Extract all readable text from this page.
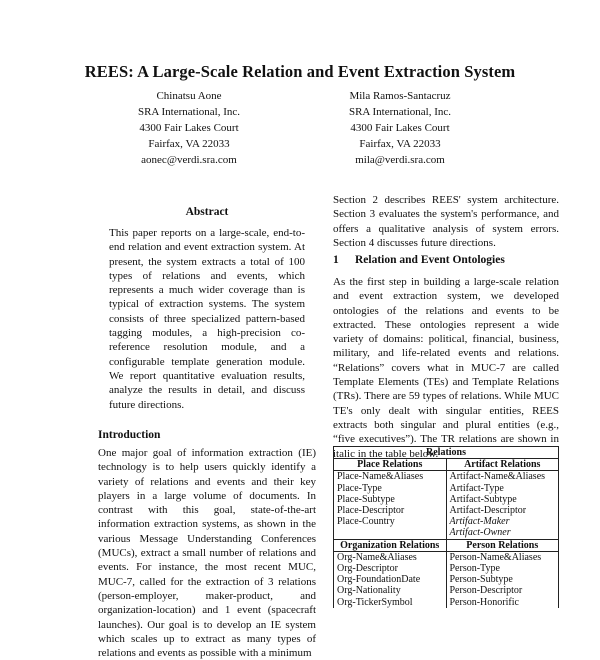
REES: A Large-Scale Relation and Event Extraction System
Chinatsu Aone
SRA International, Inc.
4300 Fair Lakes Court
Fairfax, VA 22033
aonec@verdi.sra.com
Mila Ramos-Santacruz
SRA International, Inc.
4300 Fair Lakes Court
Fairfax, VA 22033
mila@verdi.sra.com
Abstract
This paper reports on a large-scale, end-to-end relation and event extraction system. At present, the system extracts a total of 100 types of relations and events, which represents a much wider coverage than is typical of extraction systems. The system consists of three specialized pattern-based tagging modules, a high-precision co-reference resolution module, and a configurable template generation module. We report quantitative evaluation results, analyze the results in detail, and discuss future directions.
Introduction
One major goal of information extraction (IE) technology is to help users quickly identify a variety of relations and events and their key players in a large volume of documents. In contrast with this goal, state-of-the-art information extraction systems, as shown in the various Message Understanding Conferences (MUCs), extract a small number of relations and events. For instance, the most recent MUC, MUC-7, called for the extraction of 3 relations (person-employer, maker-product, and organization-location) and 1 event (spacecraft launches). Our goal is to develop an IE system which scales up to extract as many types of relations and events as possible with a minimum
Section 2 describes REES' system architecture. Section 3 evaluates the system's performance, and offers a qualitative analysis of system errors. Section 4 discusses future directions.
1 Relation and Event Ontologies
As the first step in building a large-scale relation and event extraction system, we developed ontologies of the relations and events to be extracted. These ontologies represent a wide variety of domains: political, financial, business, military, and life-related events and relations. “Relations” covers what in MUC-7 are called Template Elements (TEs) and Template Relations (TRs). There are 59 types of relations. While MUC TE's only dealt with singular entities, REES extracts both singular and plural entities (e.g., “five executives”). The TR relations are shown in italic in the table below.
Relations	
Place Relations	Artifact Relations
Place-Name&Aliases	Artifact-Name&Aliases
Place-Type	Artifact-Type
Place-Subtype	Artifact-Subtype
Place-Descriptor	Artifact-Descriptor
Place-Country	Artifact-Maker
	Artifact-Owner
Organization Relations	Person Relations
Org-Name&Aliases	Person-Name&Aliases
Org-Descriptor	Person-Type
Org-FoundationDate	Person-Subtype
Org-Nationality	Person-Descriptor
Org-TickerSymbol	Person-Honorific
